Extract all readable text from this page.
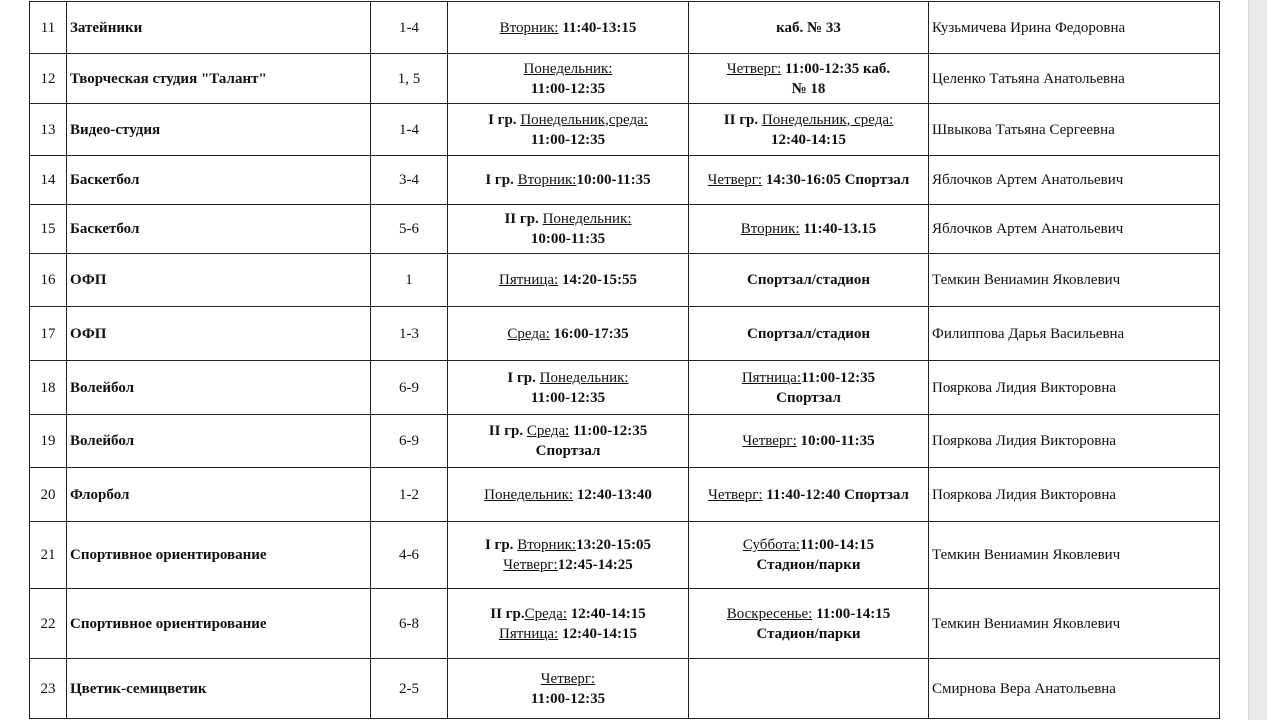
11	Затейники	1-4	Вторник: 11:40-13:15	каб. № 33	Кузьмичева Ирина Федоровна
12	Творческая студия "Талант"	1, 5	Понедельник:
11:00-12:35	Четверг: 11:00-12:35 каб.
№ 18	Целенко Татьяна Анатольевна
13	Видео-студия	1-4	I гр. Понедельник,среда:
11:00-12:35	II гр. Понедельник, среда:
12:40-14:15	Швыкова Татьяна Сергеевна
14	Баскетбол	3-4	I гр. Вторник:10:00-11:35	Четверг: 14:30-16:05 Спортзал	Яблочков Артем Анатольевич
15	Баскетбол	5-6	II гр. Понедельник:
10:00-11:35	Вторник: 11:40-13.15	Яблочков Артем Анатольевич
16	ОФП	1	Пятница: 14:20-15:55	Спортзал/стадион	Темкин Вениамин Яковлевич
17	ОФП	1-3	Среда: 16:00-17:35	Спортзал/стадион	Филиппова Дарья Васильевна
18	Волейбол	6-9	I гр. Понедельник:
11:00-12:35	Пятница:11:00-12:35
Спортзал	Пояркова Лидия Викторовна
19	Волейбол	6-9	II гр. Среда: 11:00-12:35
Спортзал	Четверг: 10:00-11:35	Пояркова Лидия Викторовна
20	Флорбол	1-2	Понедельник: 12:40-13:40	Четверг: 11:40-12:40 Спортзал	Пояркова Лидия Викторовна
21	Спортивное ориентирование	4-6	I гр. Вторник:13:20-15:05
Четверг:12:45-14:25	Суббота:11:00-14:15
Стадион/парки	Темкин Вениамин Яковлевич
22	Спортивное ориентирование	6-8	II гр.Среда: 12:40-14:15
Пятница: 12:40-14:15	Воскресенье: 11:00-14:15
Стадион/парки	Темкин Вениамин Яковлевич
23	Цветик-семицветик	2-5	Четверг:
11:00-12:35		Смирнова Вера Анатольевна
